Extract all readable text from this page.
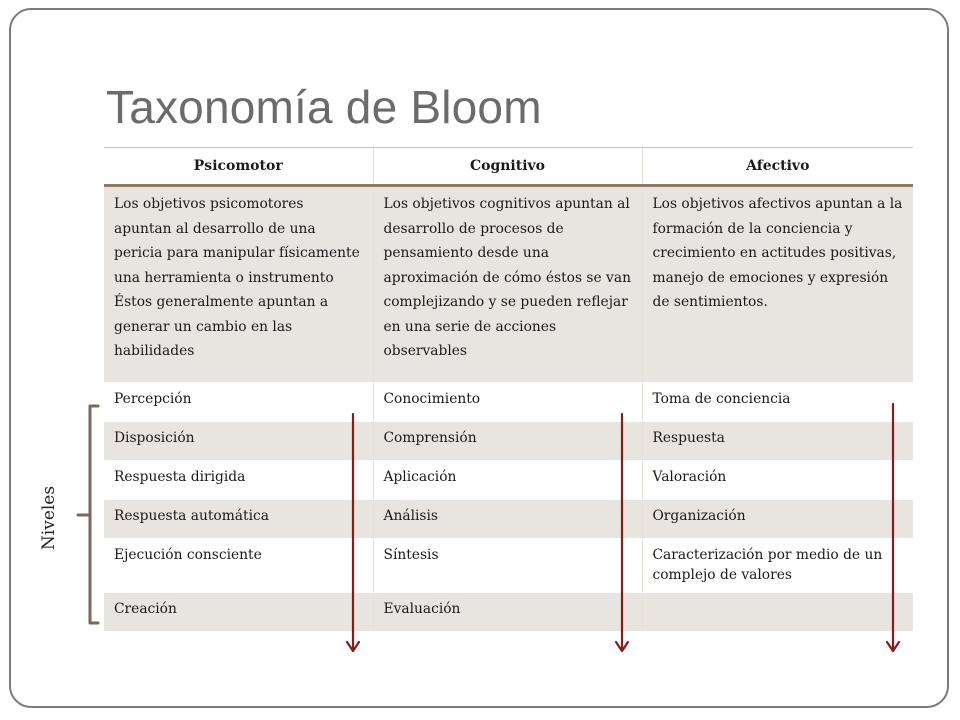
Taxonomía de Bloom
Psicomotor	Cognitivo	Afectivo
Los objetivos psicomotores apuntan al desarrollo de una pericia para manipular físicamente una herramienta o instrumento Éstos generalmente apuntan a generar un cambio en las habilidades	Los objetivos cognitivos apuntan al desarrollo de procesos de pensamiento desde una aproximación de cómo éstos se van complejizando y se pueden reflejar en una serie de acciones observables	Los objetivos afectivos apuntan a la formación de la conciencia y crecimiento en actitudes positivas, manejo de emociones y expresión de sentimientos.
Percepción	Conocimiento	Toma de conciencia
Disposición	Comprensión	Respuesta
Respuesta dirigida	Aplicación	Valoración
Respuesta automática	Análisis	Organización
Ejecución consciente	Síntesis	Caracterización por medio de un complejo de valores
Creación	Evaluación	
Niveles
